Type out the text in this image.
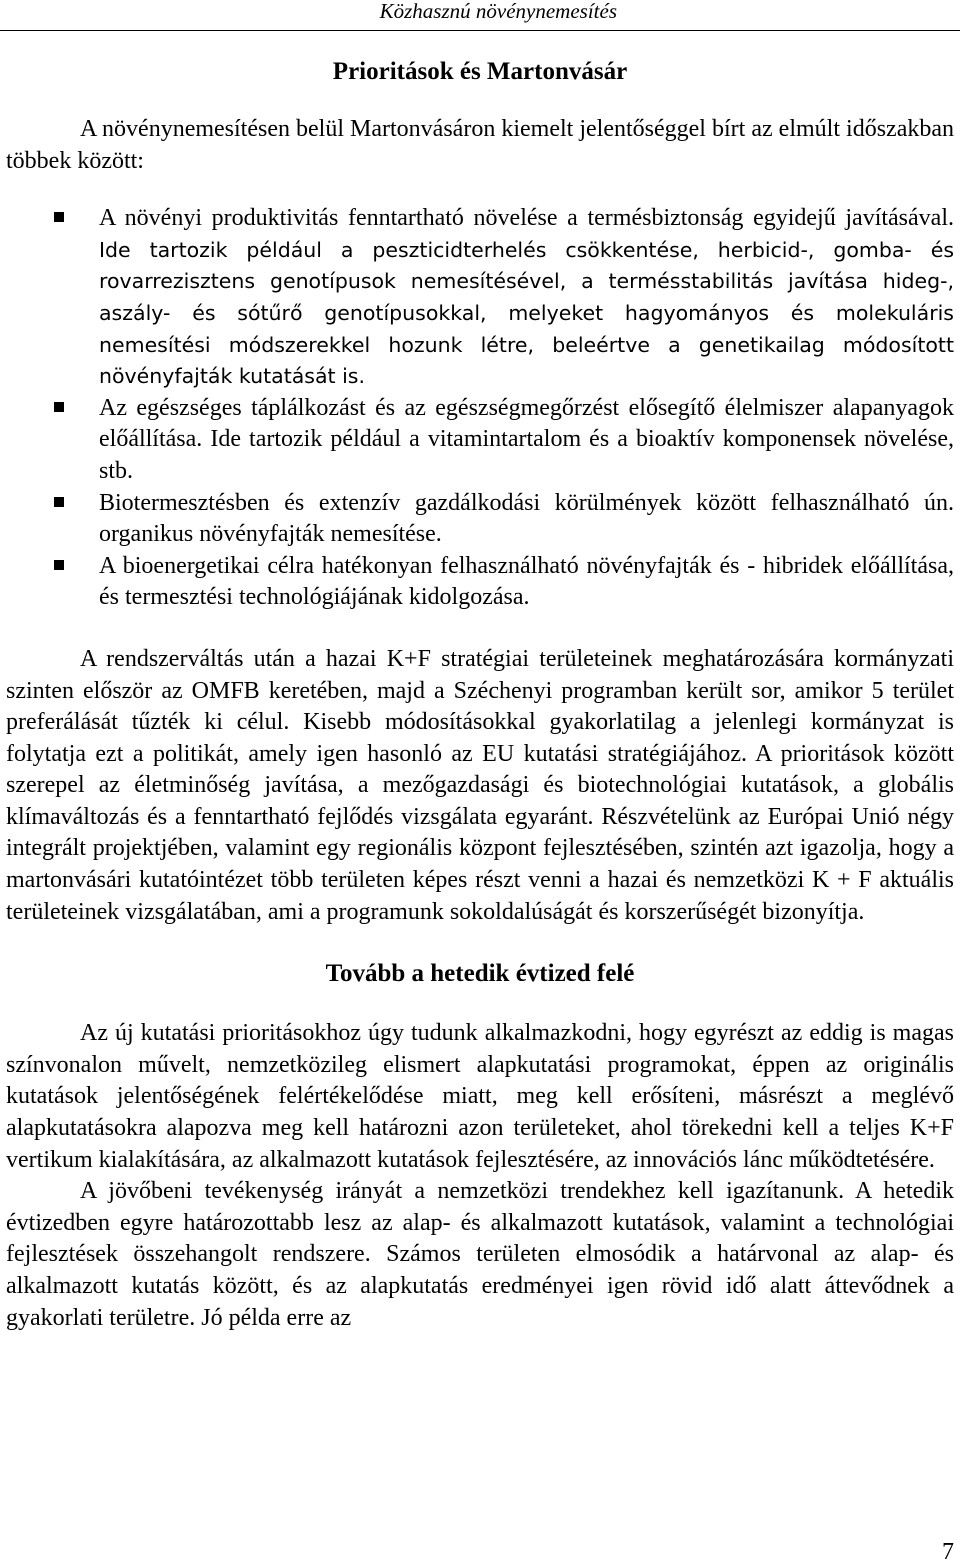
Közhasznú növénynemesítés
Prioritások és Martonvásár

A növénynemesítésen belül Martonvásáron kiemelt jelentőséggel bírt az elmúlt időszakban többek között:

A növényi produktivitás fenntartható növelése a termésbiztonság egyidejű javításával. Ide tartozik például a peszticidterhelés csökkentése, herbicid-, gomba- és rovarrezisztens genotípusok nemesítésével, a termésstabilitás javítása hideg-, aszály- és sótűrő genotípusokkal, melyeket hagyományos és molekuláris nemesítési módszerekkel hozunk létre, beleértve a genetikailag módosított növényfajták kutatását is.
Az egészséges táplálkozást és az egészségmegőrzést elősegítő élelmiszer alapanyagok előállítása. Ide tartozik például a vitamintartalom és a bioaktív komponensek növelése, stb.
Biotermesztésben és extenzív gazdálkodási körülmények között felhasználható ún. organikus növényfajták nemesítése.
A bioenergetikai célra hatékonyan felhasználható növényfajták és - hibridek előállítása, és termesztési technológiájának kidolgozása.

A rendszerváltás után a hazai K+F stratégiai területeinek meghatározására kormányzati szinten először az OMFB keretében, majd a Széchenyi programban került sor, amikor 5 terület preferálását tűzték ki célul. Kisebb módosításokkal gyakorlatilag a jelenlegi kormányzat is folytatja ezt a politikát, amely igen hasonló az EU kutatási stratégiájához. A prioritások között szerepel az életminőség javítása, a mezőgazdasági és biotechnológiai kutatások, a globális klímaváltozás és a fenntartható fejlődés vizsgálata egyaránt. Részvételünk az Európai Unió négy integrált projektjében, valamint egy regionális központ fejlesztésében, szintén azt igazolja, hogy a martonvásári kutatóintézet több területen képes részt venni a hazai és nemzetközi K + F aktuális területeinek vizsgálatában, ami a programunk sokoldalúságát és korszerűségét bizonyítja.

Tovább a hetedik évtized felé

Az új kutatási prioritásokhoz úgy tudunk alkalmazkodni, hogy egyrészt az eddig is magas színvonalon művelt, nemzetközileg elismert alapkutatási programokat, éppen az originális kutatások jelentőségének felértékelődése miatt, meg kell erősíteni, másrészt a meglévő alapkutatásokra alapozva meg kell határozni azon területeket, ahol törekedni kell a teljes K+F vertikum kialakítására, az alkalmazott kutatások fejlesztésére, az innovációs lánc működtetésére.

A jövőbeni tevékenység irányát a nemzetközi trendekhez kell igazítanunk. A hetedik évtizedben egyre határozottabb lesz az alap- és alkalmazott kutatások, valamint a technológiai fejlesztések összehangolt rendszere. Számos területen elmosódik a határvonal az alap- és alkalmazott kutatás között, és az alapkutatás eredményei igen rövid idő alatt áttevődnek a gyakorlati területre. Jó példa erre az

7
